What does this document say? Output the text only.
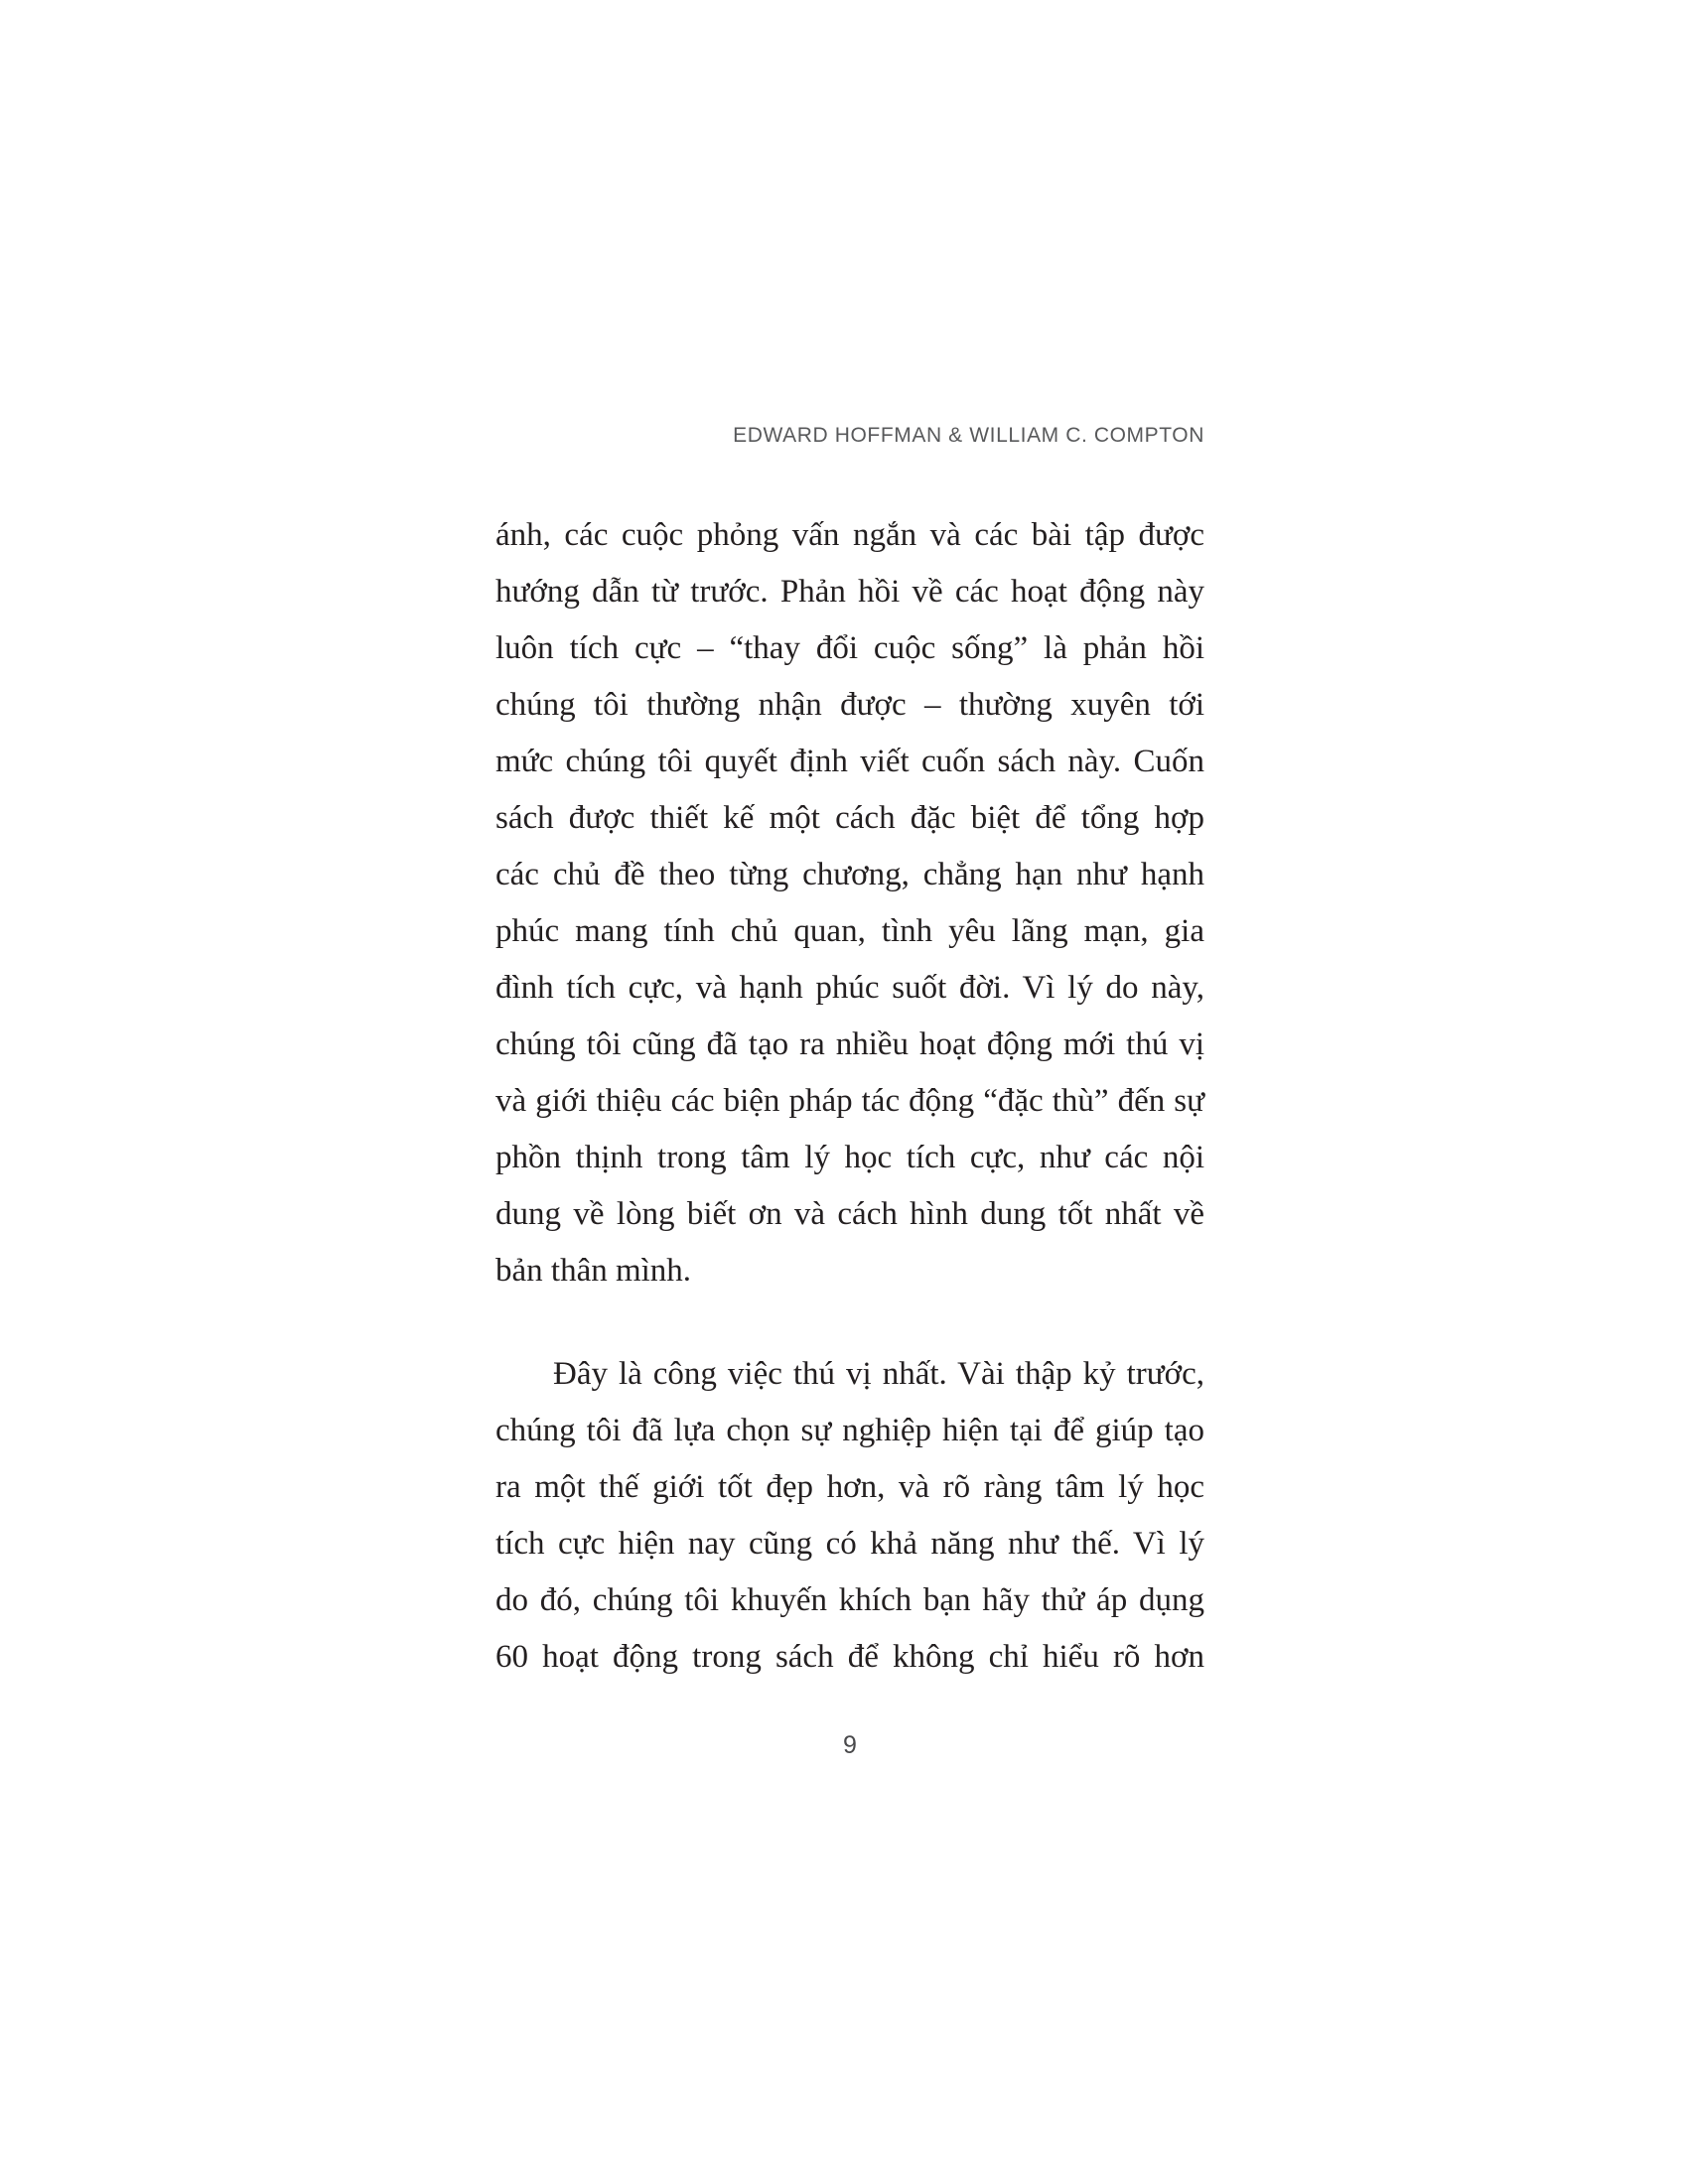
EDWARD HOFFMAN & WILLIAM C. COMPTON
ánh, các cuộc phỏng vấn ngắn và các bài tập được
hướng dẫn từ trước. Phản hồi về các hoạt động này
luôn tích cực – “thay đổi cuộc sống” là phản hồi
chúng tôi thường nhận được – thường xuyên tới
mức chúng tôi quyết định viết cuốn sách này. Cuốn
sách được thiết kế một cách đặc biệt để tổng hợp
các chủ đề theo từng chương, chẳng hạn như hạnh
phúc mang tính chủ quan, tình yêu lãng mạn, gia
đình tích cực, và hạnh phúc suốt đời. Vì lý do này,
chúng tôi cũng đã tạo ra nhiều hoạt động mới thú vị
và giới thiệu các biện pháp tác động “đặc thù” đến sự
phồn thịnh trong tâm lý học tích cực, như các nội
dung về lòng biết ơn và cách hình dung tốt nhất về
bản thân mình.
Đây là công việc thú vị nhất. Vài thập kỷ trước,
chúng tôi đã lựa chọn sự nghiệp hiện tại để giúp tạo
ra một thế giới tốt đẹp hơn, và rõ ràng tâm lý học
tích cực hiện nay cũng có khả năng như thế. Vì lý
do đó, chúng tôi khuyến khích bạn hãy thử áp dụng
60 hoạt động trong sách để không chỉ hiểu rõ hơn
9
